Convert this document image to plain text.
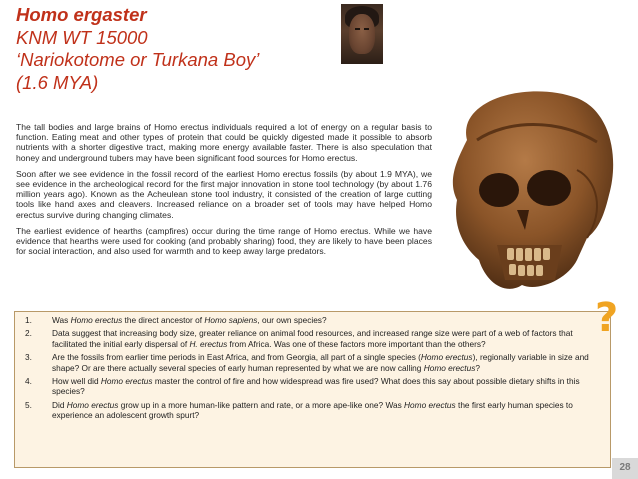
Homo ergaster
KNM WT 15000
‘Nariokotome or Turkana Boy’
(1.6 MYA)

The tall bodies and large brains of Homo erectus individuals required a lot of energy on a regular basis to function. Eating meat and other types of protein that could be quickly digested made it possible to absorb nutrients with a shorter digestive tract, making more energy available faster. There is also speculation that honey and underground tubers may have been significant food sources for Homo erectus.

Soon after we see evidence in the fossil record of the earliest Homo erectus fossils (by about 1.9 MYA), we see evidence in the archeological record for the first major innovation in stone tool technology (by about 1.76 million years ago). Known as the Acheulean stone tool industry, it consisted of the creation of large cutting tools like hand axes and cleavers. Increased reliance on a broader set of tools may have helped Homo erectus survive during changing climates.

The earliest evidence of hearths (campfires) occur during the time range of Homo erectus. While we have evidence that hearths were used for cooking (and probably sharing) food, they are likely to have been places for social interaction, and also used for warmth and to keep away large predators.

1.	Was Homo erectus the direct ancestor of Homo sapiens, our own species?
2.	Data suggest that increasing body size, greater reliance on animal food resources, and increased range size were part of a web of factors that facilitated the initial early dispersal of H. erectus from Africa. Was one of these factors more important than the others?
3.	Are the fossils from earlier time periods in East Africa, and from Georgia, all part of a single species (Homo erectus), regionally variable in size and shape? Or are there actually several species of early human represented by what we are now calling Homo erectus?
4.	How well did Homo erectus master the control of fire and how widespread was fire used? What does this say about possible dietary shifts in this species?
5.	Did Homo erectus grow up in a more human-like pattern and rate, or a more ape-like one? Was Homo erectus the first early human species to experience an adolescent growth spurt?
?
28
